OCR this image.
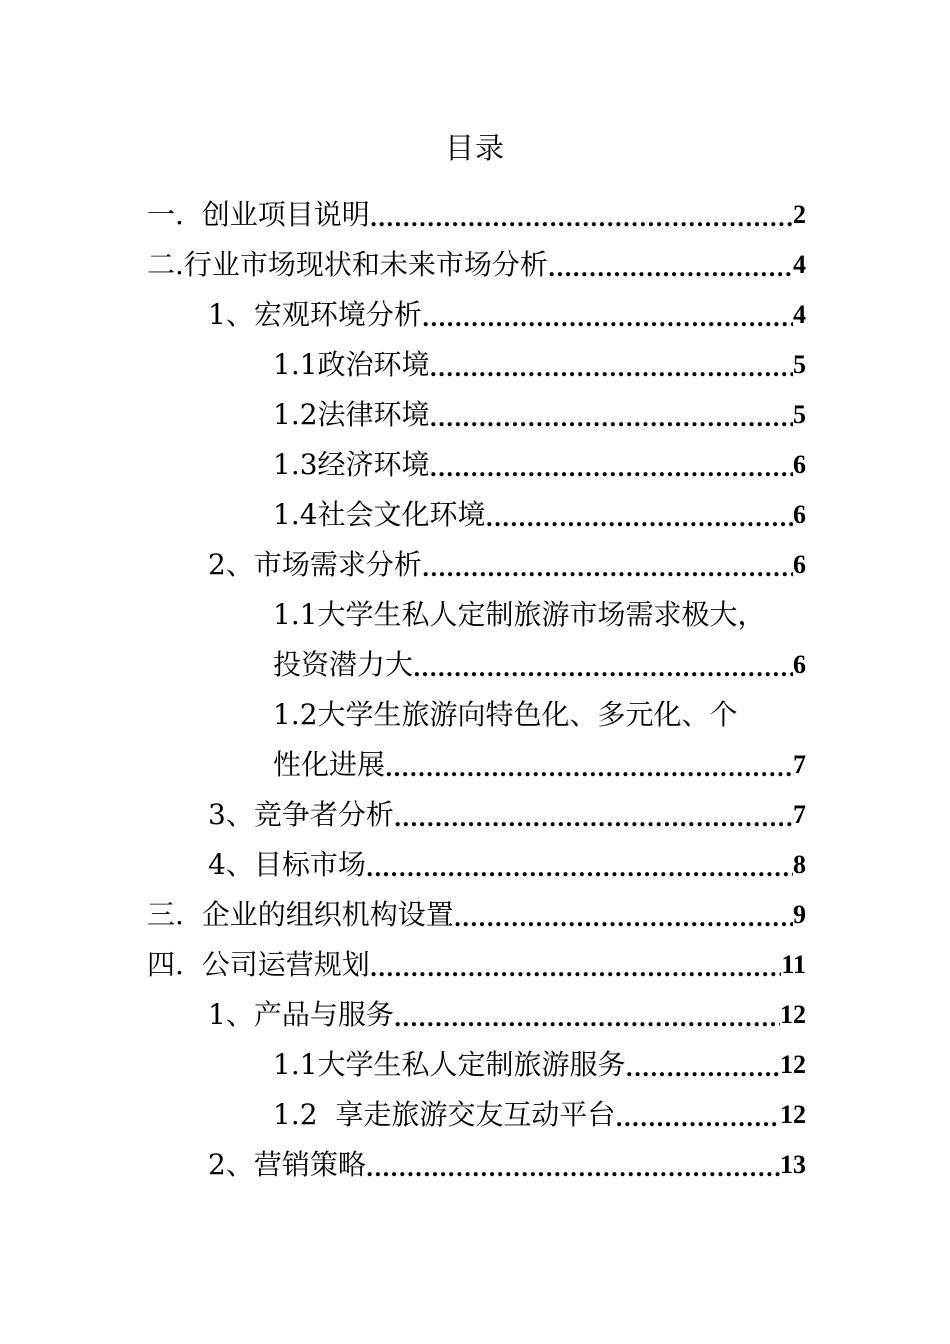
目录
一.  创业项目说明 .....	2
二.行业市场现状和未来市场分析 .....	4
1、宏观环境分析 .....	4
1.1政治环境 .....	5
1.2法律环境 .....	5
1.3经济环境 .....	6
1.4社会文化环境 .....	6
2、市场需求分析 .....	6
1.1大学生私人定制旅游市场需求极大，
投资潜力大 .....	6
1.2大学生旅游向特色化、多元化、个
性化进展 .....	7
3、竞争者分析 .....	7
4、目标市场 .....	8
三.  企业的组织机构设置 .....	9
四.  公司运营规划 .....	11
1、产品与服务 .....	12
1.1大学生私人定制旅游服务 .....	12
1.2  享走旅游交友互动平台 .....	12
2、营销策略 .....	13
